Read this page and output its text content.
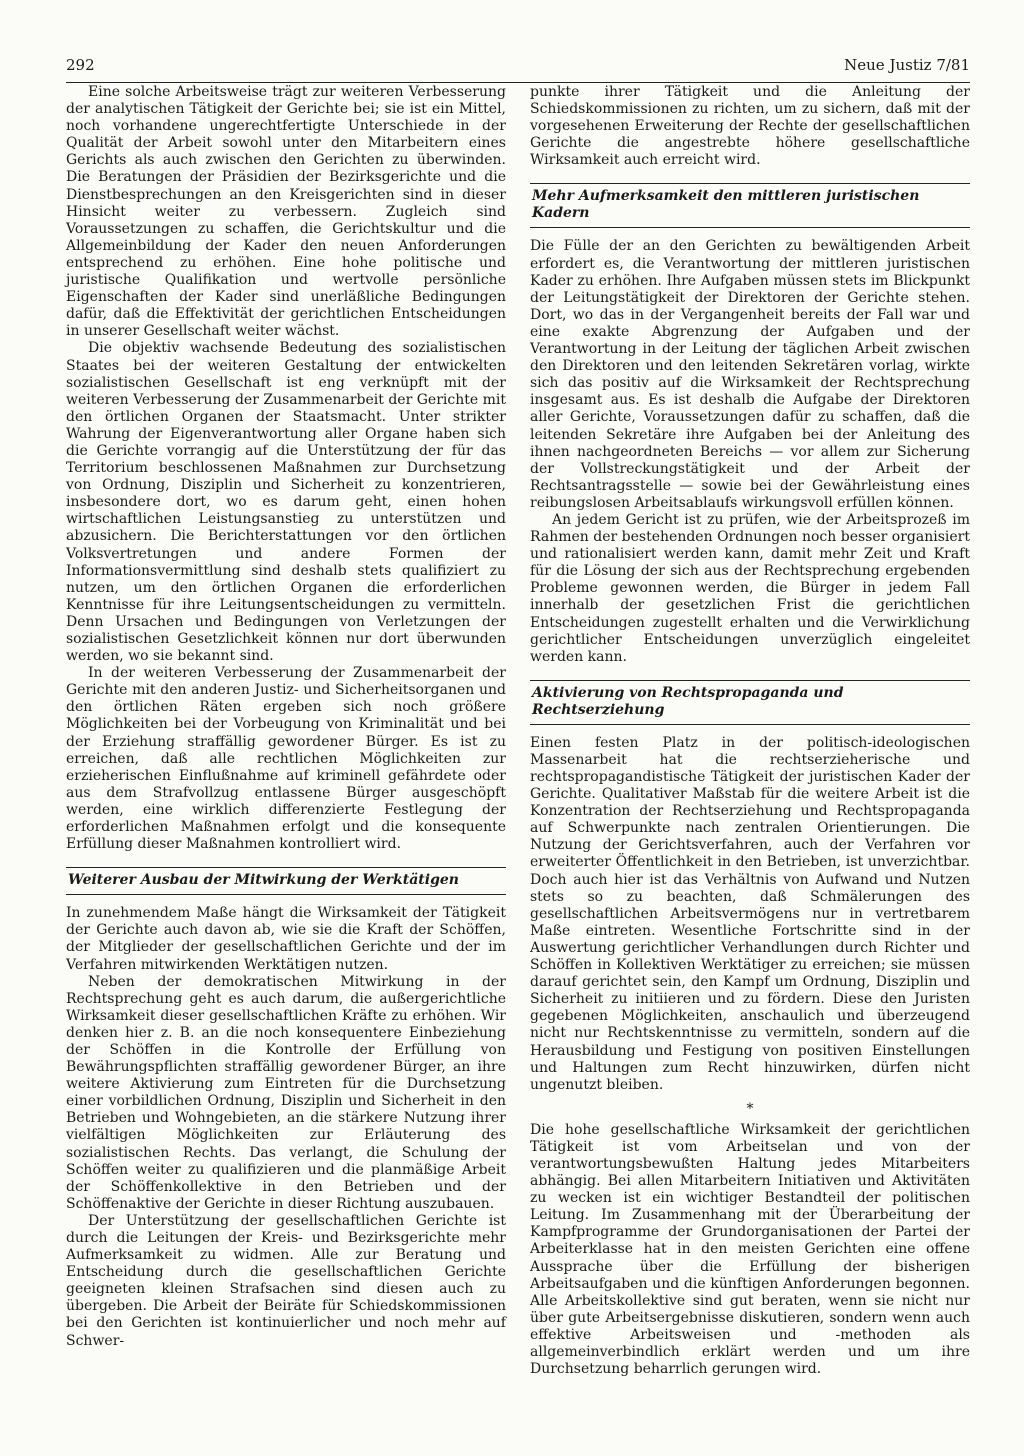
292	Neue Justiz 7/81

Eine solche Arbeitsweise trägt zur weiteren Verbesserung der analytischen Tätigkeit der Gerichte bei; sie ist ein Mittel, noch vorhandene ungerechtfertigte Unterschiede in der Qualität der Arbeit sowohl unter den Mitarbeitern eines Gerichts als auch zwischen den Gerichten zu überwinden. Die Beratungen der Präsidien der Bezirksgerichte und die Dienstbesprechungen an den Kreisgerichten sind in dieser Hinsicht weiter zu verbessern. Zugleich sind Voraussetzungen zu schaffen, die Gerichtskultur und die Allgemeinbildung der Kader den neuen Anforderungen entsprechend zu erhöhen. Eine hohe politische und juristische Qualifikation und wertvolle persönliche Eigenschaften der Kader sind unerläßliche Bedingungen dafür, daß die Effektivität der gerichtlichen Entscheidungen in unserer Gesellschaft weiter wächst.

Die objektiv wachsende Bedeutung des sozialistischen Staates bei der weiteren Gestaltung der entwickelten sozialistischen Gesellschaft ist eng verknüpft mit der weiteren Verbesserung der Zusammenarbeit der Gerichte mit den örtlichen Organen der Staatsmacht. Unter strikter Wahrung der Eigenverantwortung aller Organe haben sich die Gerichte vorrangig auf die Unterstützung der für das Territorium beschlossenen Maßnahmen zur Durchsetzung von Ordnung, Disziplin und Sicherheit zu konzentrieren, insbesondere dort, wo es darum geht, einen hohen wirtschaftlichen Leistungsanstieg zu unterstützen und abzusichern. Die Berichterstattungen vor den örtlichen Volksvertretungen und andere Formen der Informationsvermittlung sind deshalb stets qualifiziert zu nutzen, um den örtlichen Organen die erforderlichen Kenntnisse für ihre Leitungsentscheidungen zu vermitteln. Denn Ursachen und Bedingungen von Verletzungen der sozialistischen Gesetzlichkeit können nur dort überwunden werden, wo sie bekannt sind.

In der weiteren Verbesserung der Zusammenarbeit der Gerichte mit den anderen Justiz- und Sicherheitsorganen und den örtlichen Räten ergeben sich noch größere Möglichkeiten bei der Vorbeugung von Kriminalität und bei der Erziehung straffällig gewordener Bürger. Es ist zu erreichen, daß alle rechtlichen Möglichkeiten zur erzieherischen Einflußnahme auf kriminell gefährdete oder aus dem Strafvollzug entlassene Bürger ausgeschöpft werden, eine wirklich differenzierte Festlegung der erforderlichen Maßnahmen erfolgt und die konsequente Erfüllung dieser Maßnahmen kontrolliert wird.

Weiterer Ausbau der Mitwirkung der Werktätigen

In zunehmendem Maße hängt die Wirksamkeit der Tätigkeit der Gerichte auch davon ab, wie sie die Kraft der Schöffen, der Mitglieder der gesellschaftlichen Gerichte und der im Verfahren mitwirkenden Werktätigen nutzen.

Neben der demokratischen Mitwirkung in der Rechtsprechung geht es auch darum, die außergerichtliche Wirksamkeit dieser gesellschaftlichen Kräfte zu erhöhen. Wir denken hier z. B. an die noch konsequentere Einbeziehung der Schöffen in die Kontrolle der Erfüllung von Bewährungspflichten straffällig gewordener Bürger, an ihre weitere Aktivierung zum Eintreten für die Durchsetzung einer vorbildlichen Ordnung, Disziplin und Sicherheit in den Betrieben und Wohngebieten, an die stärkere Nutzung ihrer vielfältigen Möglichkeiten zur Erläuterung des sozialistischen Rechts. Das verlangt, die Schulung der Schöffen weiter zu qualifizieren und die planmäßige Arbeit der Schöffenkollektive in den Betrieben und der Schöffenaktive der Gerichte in dieser Richtung auszubauen.

Der Unterstützung der gesellschaftlichen Gerichte ist durch die Leitungen der Kreis- und Bezirksgerichte mehr Aufmerksamkeit zu widmen. Alle zur Beratung und Entscheidung durch die gesellschaftlichen Gerichte geeigneten kleinen Strafsachen sind diesen auch zu übergeben. Die Arbeit der Beiräte für Schiedskommissionen bei den Gerichten ist kontinuierlicher und noch mehr auf Schwer-

punkte ihrer Tätigkeit und die Anleitung der Schiedskommissionen zu richten, um zu sichern, daß mit der vorgesehenen Erweiterung der Rechte der gesellschaftlichen Gerichte die angestrebte höhere gesellschaftliche Wirksamkeit auch erreicht wird.

Mehr Aufmerksamkeit den mittleren juristischen Kadern

Die Fülle der an den Gerichten zu bewältigenden Arbeit erfordert es, die Verantwortung der mittleren juristischen Kader zu erhöhen. Ihre Aufgaben müssen stets im Blickpunkt der Leitungstätigkeit der Direktoren der Gerichte stehen. Dort, wo das in der Vergangenheit bereits der Fall war und eine exakte Abgrenzung der Aufgaben und der Verantwortung in der Leitung der täglichen Arbeit zwischen den Direktoren und den leitenden Sekretären vorlag, wirkte sich das positiv auf die Wirksamkeit der Rechtsprechung insgesamt aus. Es ist deshalb die Aufgabe der Direktoren aller Gerichte, Voraussetzungen dafür zu schaffen, daß die leitenden Sekretäre ihre Aufgaben bei der Anleitung des ihnen nachgeordneten Bereichs — vor allem zur Sicherung der Vollstreckungstätigkeit und der Arbeit der Rechtsantragsstelle — sowie bei der Gewährleistung eines reibungslosen Arbeitsablaufs wirkungsvoll erfüllen können.

An jedem Gericht ist zu prüfen, wie der Arbeitsprozeß im Rahmen der bestehenden Ordnungen noch besser organisiert und rationalisiert werden kann, damit mehr Zeit und Kraft für die Lösung der sich aus der Rechtsprechung ergebenden Probleme gewonnen werden, die Bürger in jedem Fall innerhalb der gesetzlichen Frist die gerichtlichen Entscheidungen zugestellt erhalten und die Verwirklichung gerichtlicher Entscheidungen unverzüglich eingeleitet werden kann.

Aktivierung von Rechtspropaganda und Rechtserziehung

Einen festen Platz in der politisch-ideologischen Massenarbeit hat die rechtserzieherische und rechtspropagandistische Tätigkeit der juristischen Kader der Gerichte. Qualitativer Maßstab für die weitere Arbeit ist die Konzentration der Rechtserziehung und Rechtspropaganda auf Schwerpunkte nach zentralen Orientierungen. Die Nutzung der Gerichtsverfahren, auch der Verfahren vor erweiterter Öffentlichkeit in den Betrieben, ist unverzichtbar. Doch auch hier ist das Verhältnis von Aufwand und Nutzen stets so zu beachten, daß Schmälerungen des gesellschaftlichen Arbeitsvermögens nur in vertretbarem Maße eintreten. Wesentliche Fortschritte sind in der Auswertung gerichtlicher Verhandlungen durch Richter und Schöffen in Kollektiven Werktätiger zu erreichen; sie müssen darauf gerichtet sein, den Kampf um Ordnung, Disziplin und Sicherheit zu initiieren und zu fördern. Diese den Juristen gegebenen Möglichkeiten, anschaulich und überzeugend nicht nur Rechtskenntnisse zu vermitteln, sondern auf die Herausbildung und Festigung von positiven Einstellungen und Haltungen zum Recht hinzuwirken, dürfen nicht ungenutzt bleiben.

*

Die hohe gesellschaftliche Wirksamkeit der gerichtlichen Tätigkeit ist vom Arbeitselan und von der verantwortungsbewußten Haltung jedes Mitarbeiters abhängig. Bei allen Mitarbeitern Initiativen und Aktivitäten zu wecken ist ein wichtiger Bestandteil der politischen Leitung. Im Zusammenhang mit der Überarbeitung der Kampfprogramme der Grundorganisationen der Partei der Arbeiterklasse hat in den meisten Gerichten eine offene Aussprache über die Erfüllung der bisherigen Arbeitsaufgaben und die künftigen Anforderungen begonnen. Alle Arbeitskollektive sind gut beraten, wenn sie nicht nur über gute Arbeitsergebnisse diskutieren, sondern wenn auch effektive Arbeitsweisen und -methoden als allgemeinverbindlich erklärt werden und um ihre Durchsetzung beharrlich gerungen wird.
